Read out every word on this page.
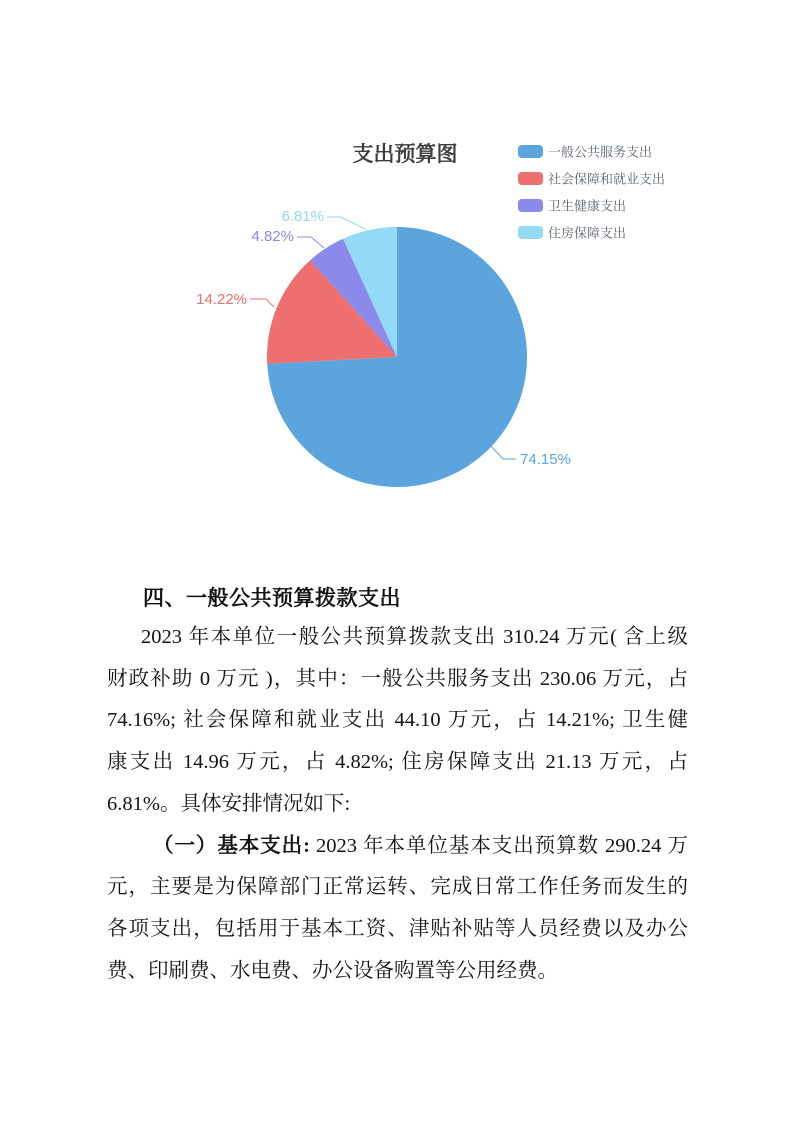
支出预算图	一般公共服务支出
社会保障和就业支出
卫生健康支出
住房保障支出
74.15%
14.22%
4.82%
6.81%
四、一般公共预算拨款支出
2023 年本单位一般公共预算拨款支出 310.24 万元( 含上级
财政补助 0 万元 )，其中：一般公共服务支出 230.06 万元，占
74.16%; 社会保障和就业支出 44.10 万元，占 14.21%; 卫生健
康支出 14.96 万元，占 4.82%; 住房保障支出 21.13 万元，占
6.81%。具体安排情况如下:
（一）基本支出: 2023 年本单位基本支出预算数 290.24 万
元，主要是为保障部门正常运转、完成日常工作任务而发生的
各项支出，包括用于基本工资、津贴补贴等人员经费以及办公
费、印刷费、水电费、办公设备购置等公用经费。
